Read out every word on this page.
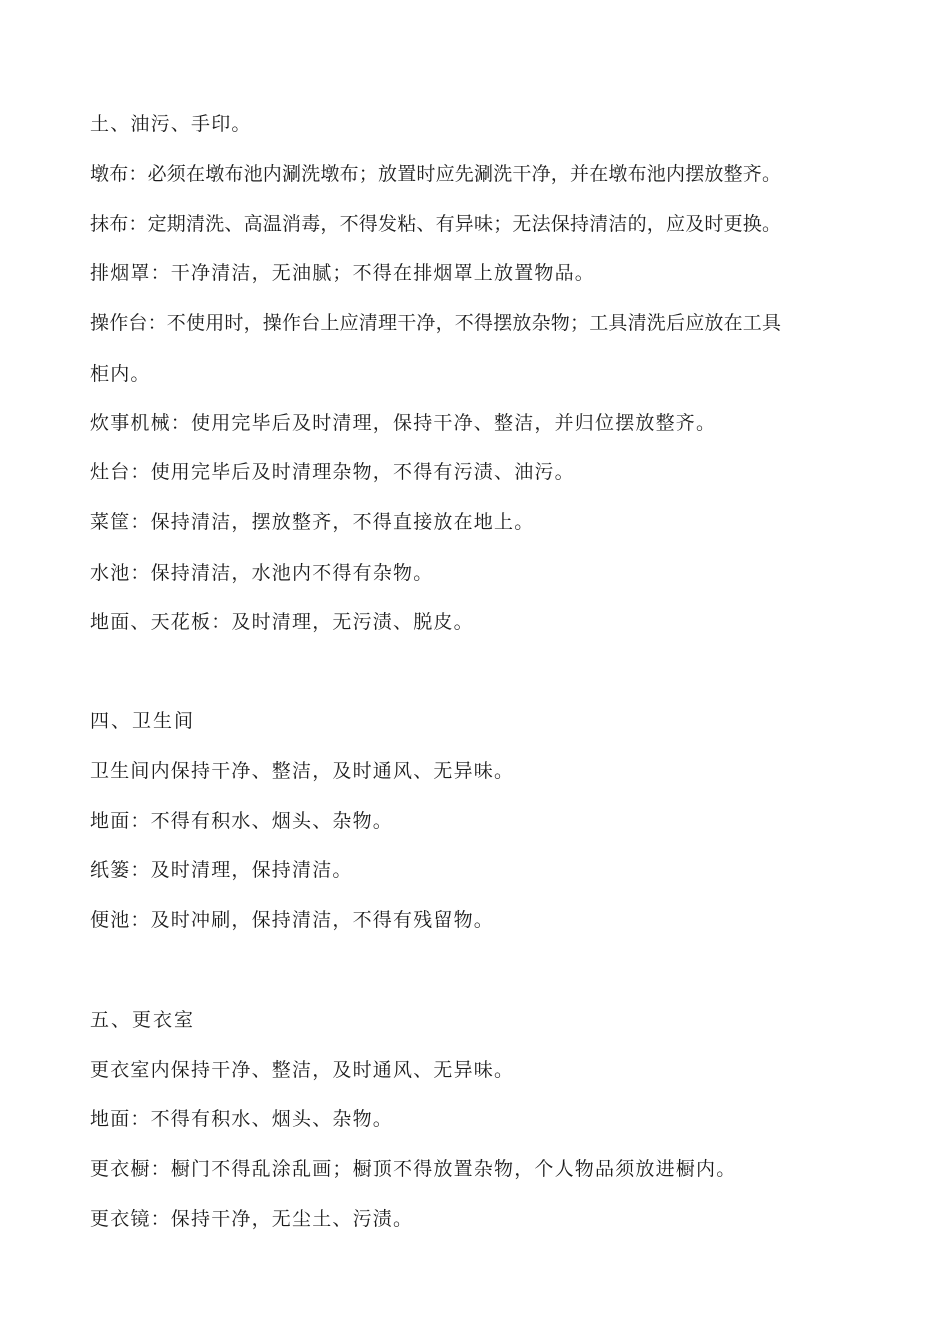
土、油污、手印。
墩布：必须在墩布池内涮洗墩布；放置时应先涮洗干净，并在墩布池内摆放整齐。
抹布：定期清洗、高温消毒，不得发粘、有异味；无法保持清洁的，应及时更换。
排烟罩：干净清洁，无油腻；不得在排烟罩上放置物品。
操作台：不使用时，操作台上应清理干净，不得摆放杂物；工具清洗后应放在工具
柜内。
炊事机械：使用完毕后及时清理，保持干净、整洁，并归位摆放整齐。
灶台：使用完毕后及时清理杂物，不得有污渍、油污。
菜筐：保持清洁，摆放整齐，不得直接放在地上。
水池：保持清洁，水池内不得有杂物。
地面、天花板：及时清理，无污渍、脱皮。
四、卫生间
卫生间内保持干净、整洁，及时通风、无异味。
地面：不得有积水、烟头、杂物。
纸篓：及时清理，保持清洁。
便池：及时冲刷，保持清洁，不得有残留物。
五、更衣室
更衣室内保持干净、整洁，及时通风、无异味。
地面：不得有积水、烟头、杂物。
更衣橱：橱门不得乱涂乱画；橱顶不得放置杂物，个人物品须放进橱内。
更衣镜：保持干净，无尘土、污渍。
